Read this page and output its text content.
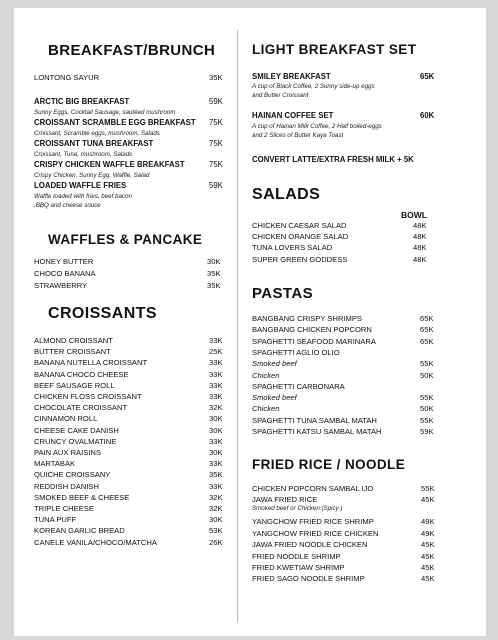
BREAKFAST/BRUNCH
LONTONG SAYUR	35K
ARCTIC BIG BREAKFAST	59K
Sunny Eggs, Cocktail Sausage, sautéed mushroom
CROISSANT SCRAMBLE EGG BREAKFAST 75K
Croissant, Scramble eggs, mushroom, Salads
CROISSANT TUNA BREAKFAST	75K
Croissant, Tuna, mushroom, Salads
CRISPY CHICKEN WAFFLE BREAKFAST	75K
Crispy Chicken, Sunny Egg, Waffle, Salad
LOADED WAFFLE FRIES	59K
Waffle loaded with fries, beef bacon
,BBQ and cheese souce
WAFFLES & PANCAKE
HONEY BUTTER	30K
CHOCO BANANA	35K
STRAWBERRY	35K
CROISSANTS
ALMOND CROISSANT	33K
BUTTER CROISSANT	25K
BANANA NUTELLA CROISSANT	33K
BANANA CHOCO CHEESE	33K
BEEF SAUSAGE ROLL	33K
CHICKEN FLOSS CROISSANT	33K
CHOCOLATE CROISSANT	32K
CINNAMON ROLL	30K
CHEESE CAKE DANISH	30K
CRUNCY OVALMATINE	33K
PAIN AUX RAISINS	30K
MARTABAK	33K
QUICHE CROISSANY	35K
REDDISH DANISH	33K
SMOKED BEEF & CHEESE	32K
TRIPLE CHEESE	32K
TUNA PUFF	30K
KOREAN GARLIC BREAD	53K
CANELE VANILA/CHOCO/MATCHA	26K
LIGHT BREAKFAST SET
SMILEY BREAKFAST	65K
A cup of Black Coffee, 2 Sunny side-up eggs
and Butter Croissant
HAINAN COFFEE SET	60K
A cup of Hainan Milk Coffee, 2 Half boiled-eggs
and 2 Slices of Butter Kaya Toast
CONVERT LATTE/EXTRA FRESH MILK + 5K
SALADS
BOWL
CHICKEN CAESAR SALAD	48K
CHICKEN ORANGE SALAD	48K
TUNA LOVERS SALAD	48K
SUPER GREEN GODDESS	48K
PASTAS
BANGBANG CRISPY SHRIMPS	65K
BANGBANG CHICKEN POPCORN	65K
SPAGHETTI SEAFOOD MARINARA	65K
SPAGHETTI AGLIO OLIO
Smoked beef	55K
Chicken	50K
SPAGHETTI CARBONARA
Smoked beef	55K
Chicken	50K
SPAGHETTI TUNA SAMBAL MATAH	55K
SPAGHETTI KATSU SAMBAL MATAH	59K
FRIED RICE / NOODLE
CHICKEN POPCORN SAMBAL IJO	55K
JAWA FRIED RICE	45K
Smoked beef or Chicken (Spicy )
YANGCHOW FRIED RICE SHRIMP	49K
YANGCHOW FRIED RICE CHICKEN	49K
JAWA FRIED NOODLE CHICKEN	45K
FRIED NOODLE SHRIMP	45K
FRIED KWETIAW SHRIMP	45K
FRIED SAGO NOODLE SHRIMP	45K
